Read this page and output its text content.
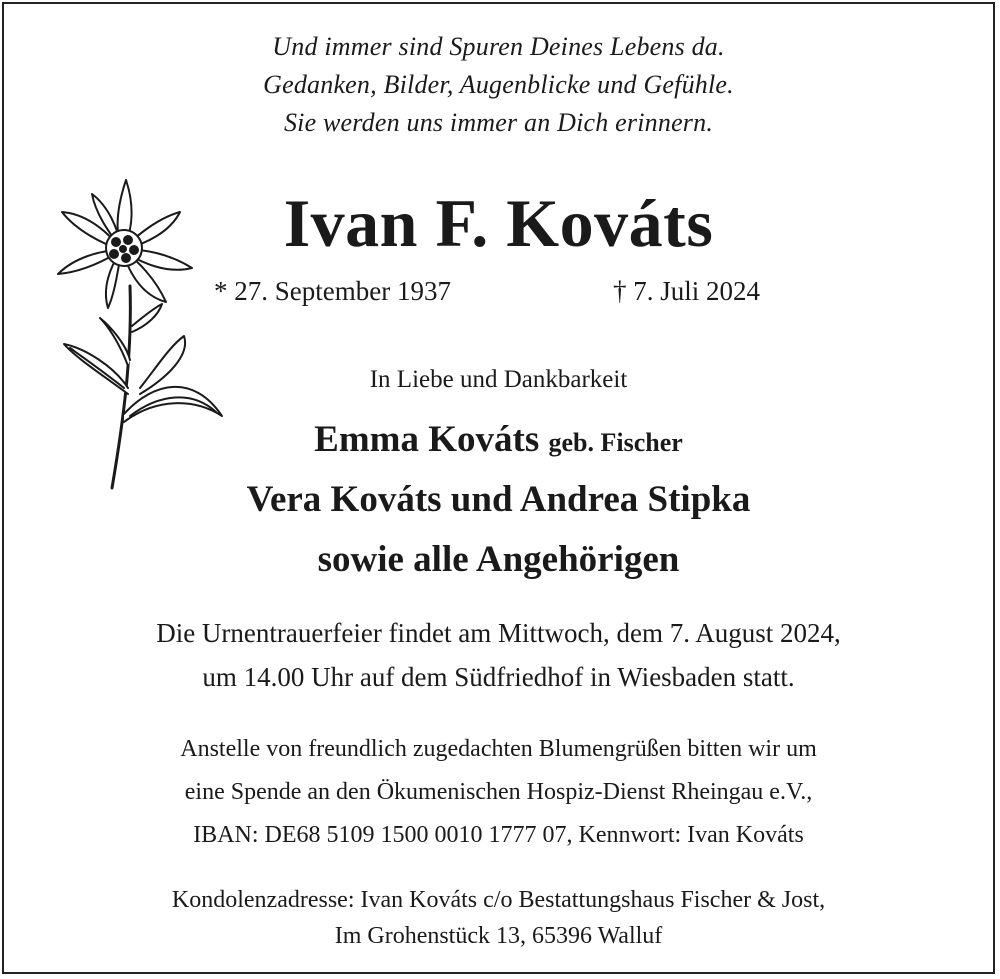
Und immer sind Spuren Deines Lebens da.
Gedanken, Bilder, Augenblicke und Gefühle.
Sie werden uns immer an Dich erinnern.
Ivan F. Kováts
* 27. September 1937	† 7. Juli 2024
In Liebe und Dankbarkeit
Emma Kováts geb. Fischer
Vera Kováts und Andrea Stipka
sowie alle Angehörigen
Die Urnentrauerfeier findet am Mittwoch, dem 7. August 2024,
um 14.00 Uhr auf dem Südfriedhof in Wiesbaden statt.
Anstelle von freundlich zugedachten Blumengrüßen bitten wir um
eine Spende an den Ökumenischen Hospiz-Dienst Rheingau e.V.,
IBAN: DE68 5109 1500 0010 1777 07, Kennwort: Ivan Kováts
Kondolenzadresse: Ivan Kováts c/o Bestattungshaus Fischer & Jost,
Im Grohenstück 13, 65396 Walluf
